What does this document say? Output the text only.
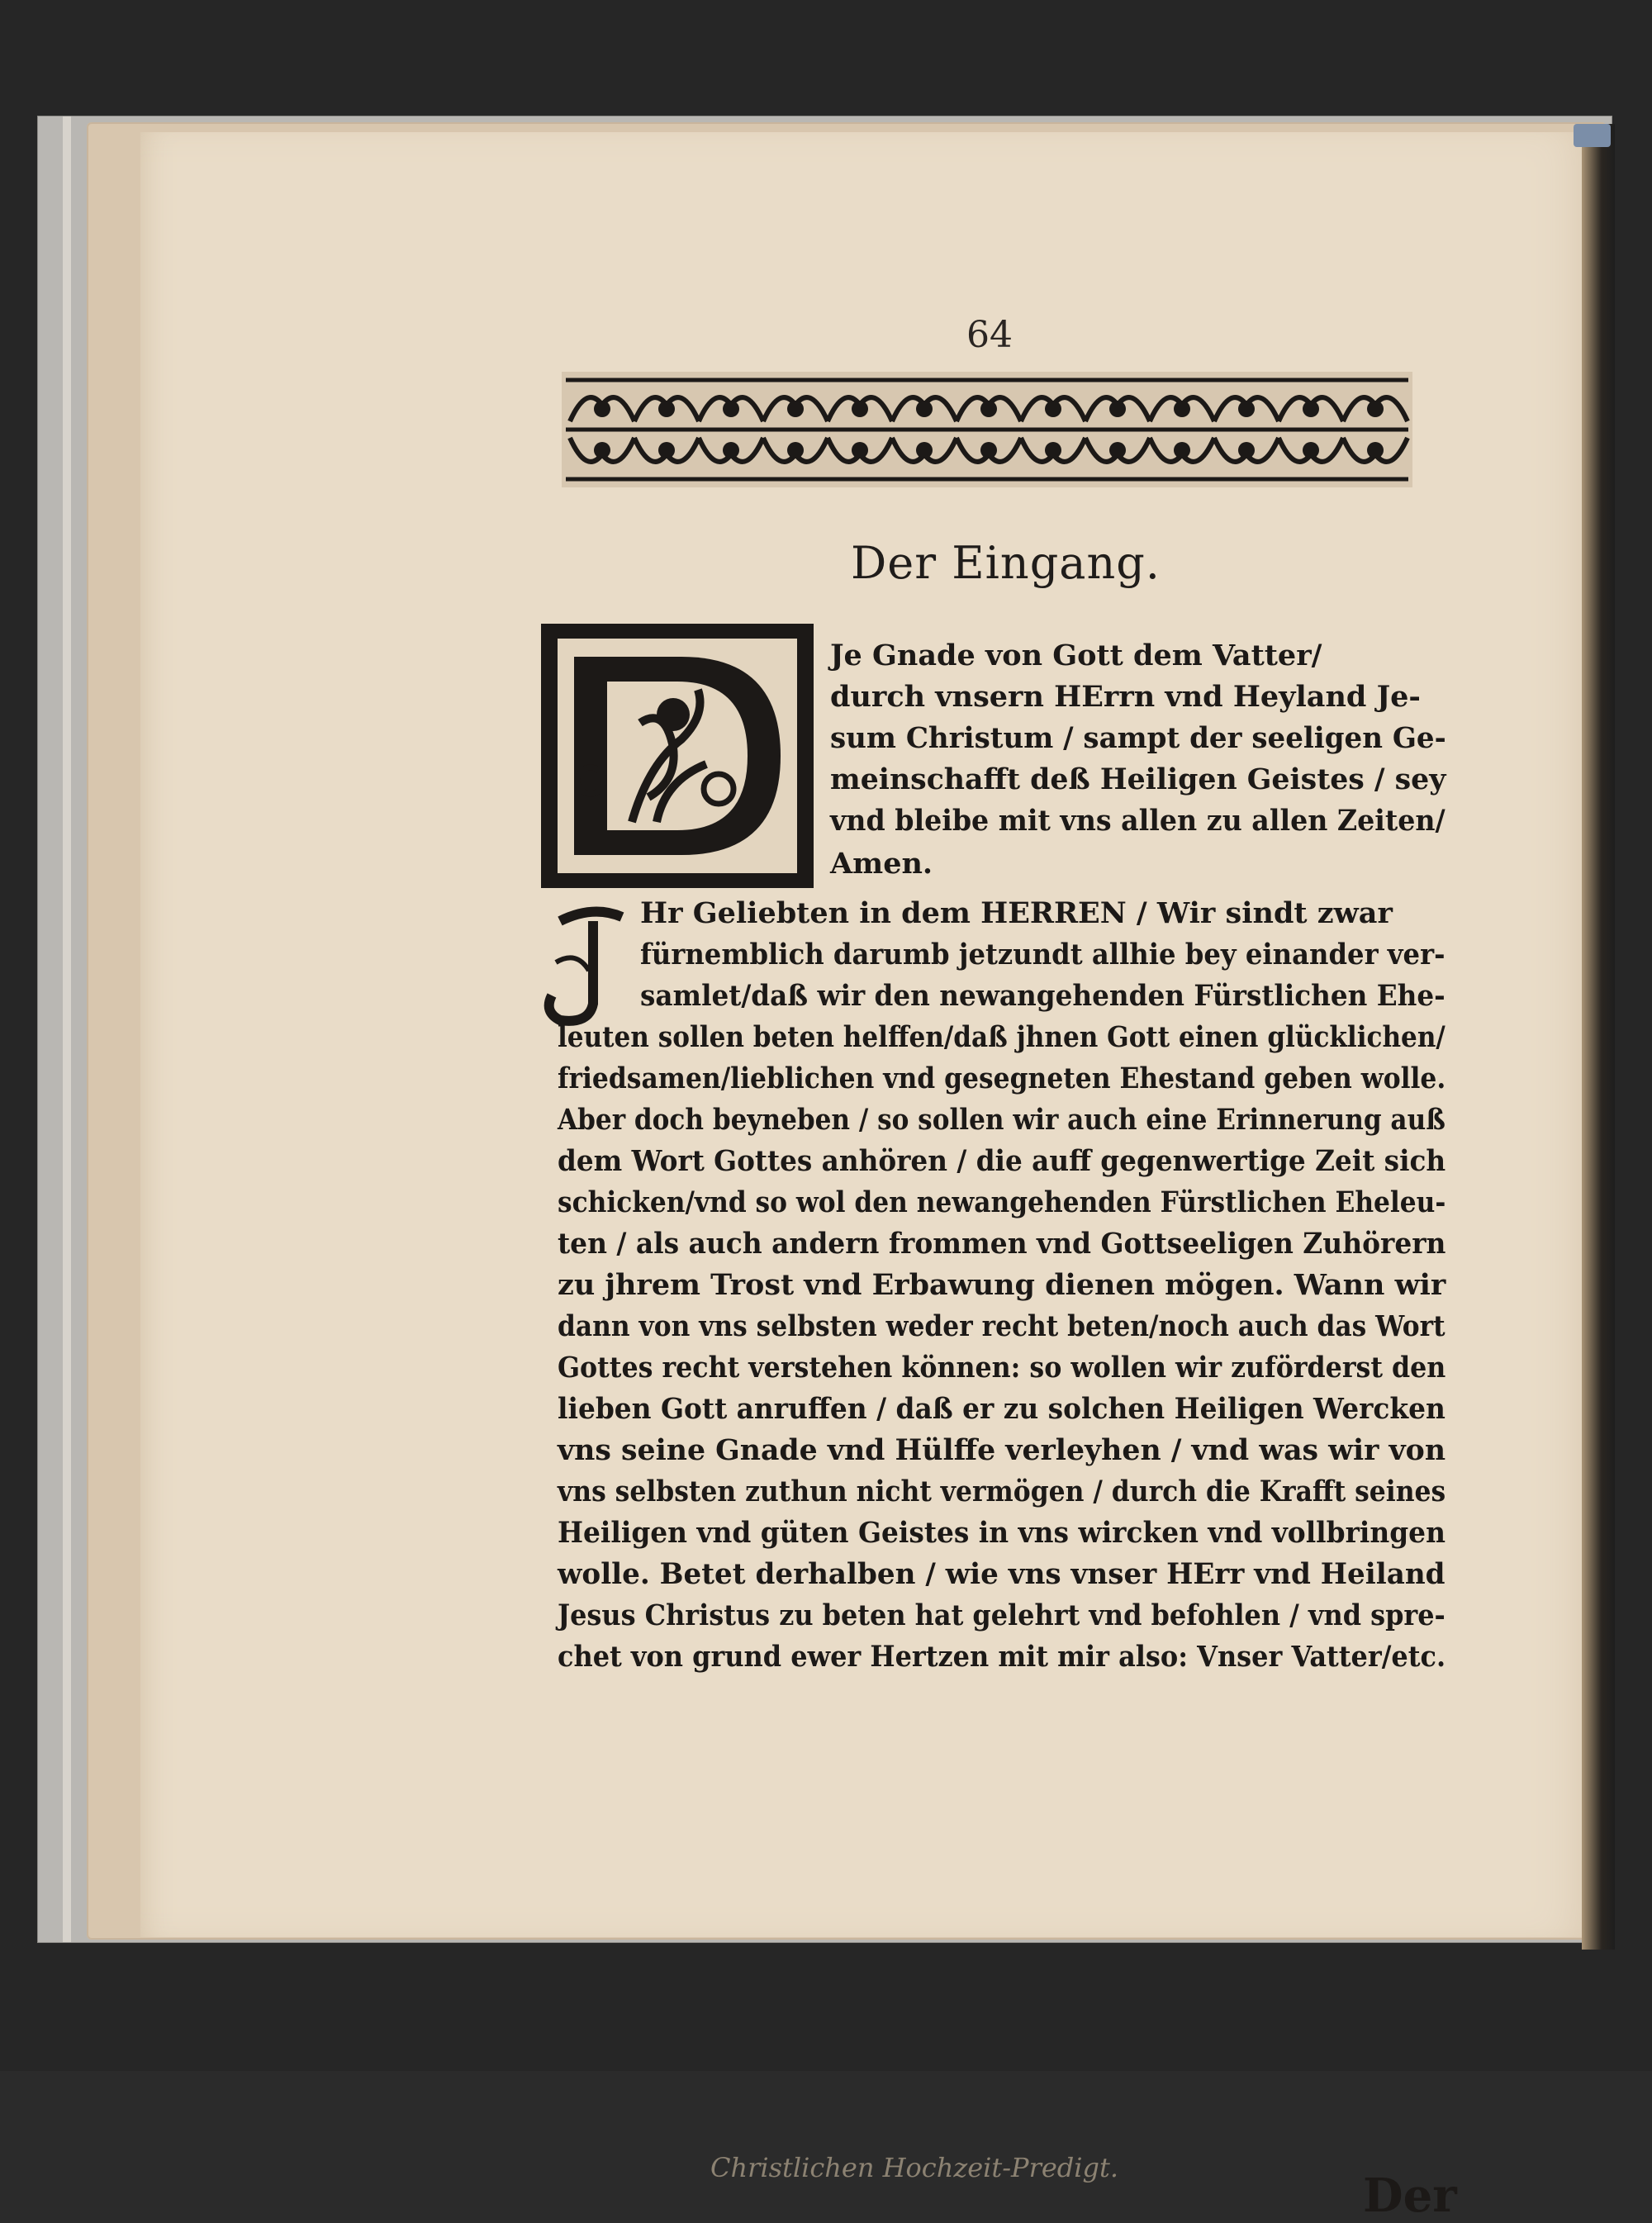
64
Der Eingang.
Je Gnade von Gott dem Vatter/
durch vnsern HErrn vnd Heyland Je-
sum Christum / sampt der seeligen Ge-
meinschafft deß Heiligen Geistes / sey
vnd bleibe mit vns allen zu allen Zeiten/
Amen.
Hr Geliebten in dem HERREN / Wir sindt zwar
fürnemblich darumb jetzundt allhie bey einander ver-
samlet/daß wir den newangehenden Fürstlichen Ehe-
leuten sollen beten helffen/daß jhnen Gott einen glücklichen/
friedsamen/lieblichen vnd gesegneten Ehestand geben wolle.
Aber doch beyneben / so sollen wir auch eine Erinnerung auß
dem Wort Gottes anhören / die auff gegenwertige Zeit sich
schicken/vnd so wol den newangehenden Fürstlichen Eheleu-
ten / als auch andern frommen vnd Gottseeligen Zuhörern
zu jhrem Trost vnd Erbawung dienen mögen. Wann wir
dann von vns selbsten weder recht beten/noch auch das Wort
Gottes recht verstehen können: so wollen wir zuförderst den
lieben Gott anruffen / daß er zu solchen Heiligen Wercken
vns seine Gnade vnd Hülffe verleyhen / vnd was wir von
vns selbsten zuthun nicht vermögen / durch die Krafft seines
Heiligen vnd güten Geistes in vns wircken vnd vollbringen
wolle. Betet derhalben / wie vns vnser HErr vnd Heiland
Jesus Christus zu beten hat gelehrt vnd befohlen / vnd spre-
chet von grund ewer Hertzen mit mir also: Vnser Vatter/etc.
Christlichen Hochzeit-Predigt.
Der
